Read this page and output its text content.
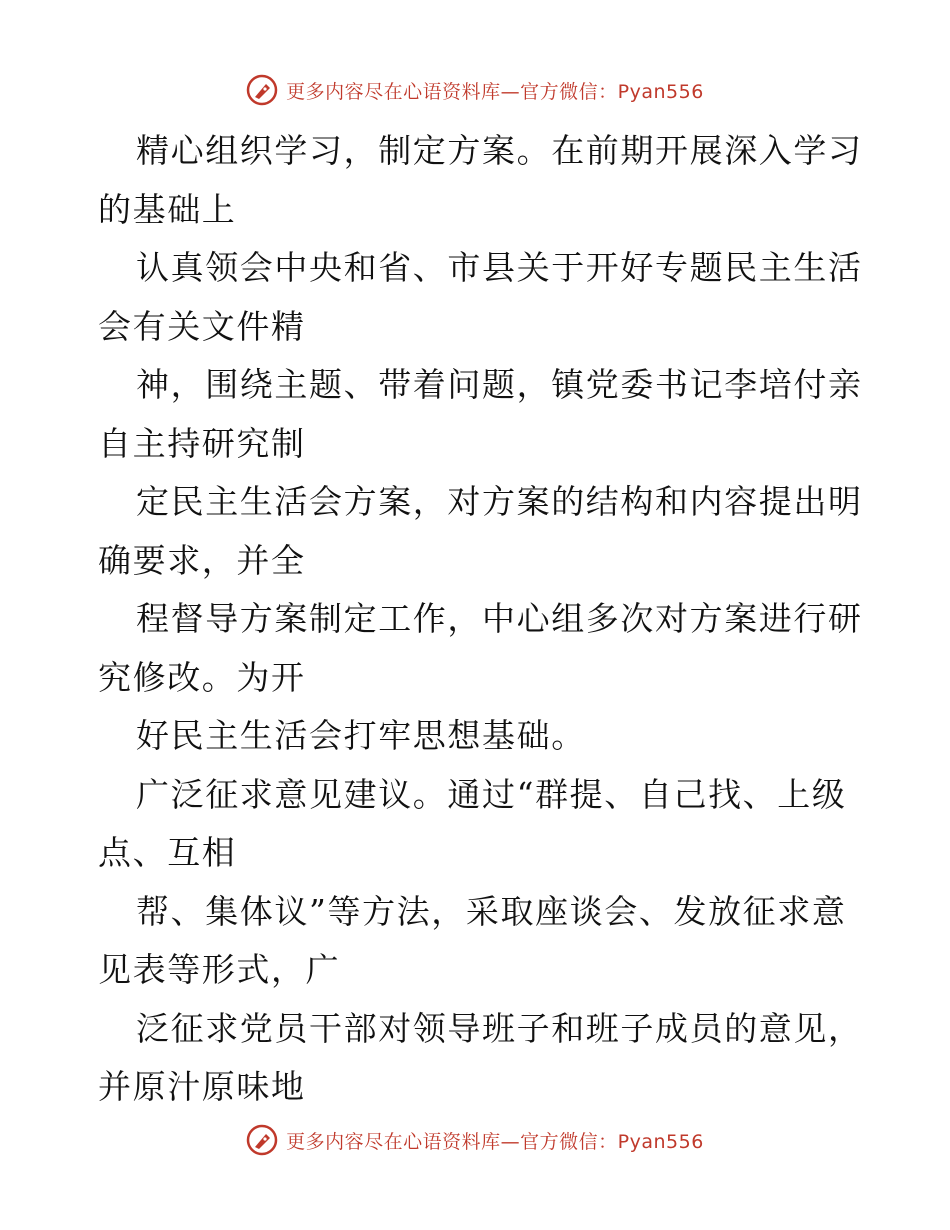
更多内容尽在心语资料库—官方微信：Pyan556
精心组织学习，制定方案。在前期开展深入学习
的基础上
认真领会中央和省、市县关于开好专题民主生活
会有关文件精
神，围绕主题、带着问题，镇党委书记李培付亲
自主持研究制
定民主生活会方案，对方案的结构和内容提出明
确要求，并全
程督导方案制定工作，中心组多次对方案进行研
究修改。为开
好民主生活会打牢思想基础。
广泛征求意见建议。通过“群提、自己找、上级
点、互相
帮、集体议”等方法，采取座谈会、发放征求意
见表等形式，广
泛征求党员干部对领导班子和班子成员的意见，
并原汁原味地
更多内容尽在心语资料库—官方微信：Pyan556
